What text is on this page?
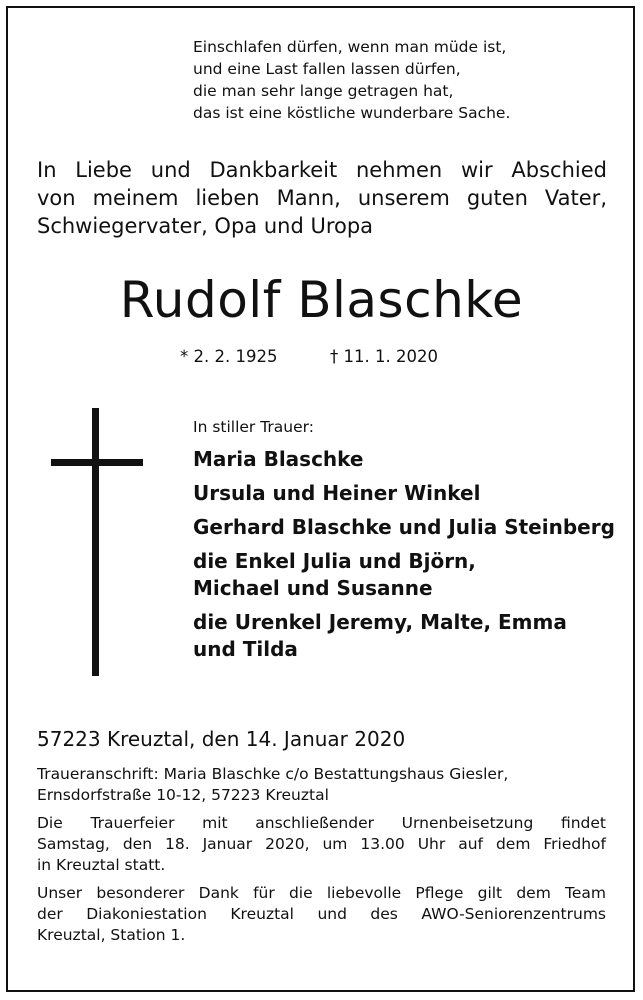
Einschlafen dürfen, wenn man müde ist,
und eine Last fallen lassen dürfen,
die man sehr lange getragen hat,
das ist eine köstliche wunderbare Sache.
In Liebe und Dankbarkeit nehmen wir Abschied
von meinem lieben Mann, unserem guten Vater,
Schwiegervater, Opa und Uropa
Rudolf Blaschke
* 2. 2. 1925	† 11. 1. 2020
In stiller Trauer:
Maria Blaschke
Ursula und Heiner Winkel
Gerhard Blaschke und Julia Steinberg
die Enkel Julia und Björn,
Michael und Susanne
die Urenkel Jeremy, Malte, Emma
und Tilda
57223 Kreuztal, den 14. Januar 2020
Traueranschrift: Maria Blaschke c/o Bestattungshaus Giesler,
Ernsdorfstraße 10-12, 57223 Kreuztal
Die Trauerfeier mit anschließender Urnenbeisetzung findet
Samstag, den 18. Januar 2020, um 13.00 Uhr auf dem Friedhof
in Kreuztal statt.
Unser besonderer Dank für die liebevolle Pflege gilt dem Team
der Diakoniestation Kreuztal und des AWO-Seniorenzentrums
Kreuztal, Station 1.
